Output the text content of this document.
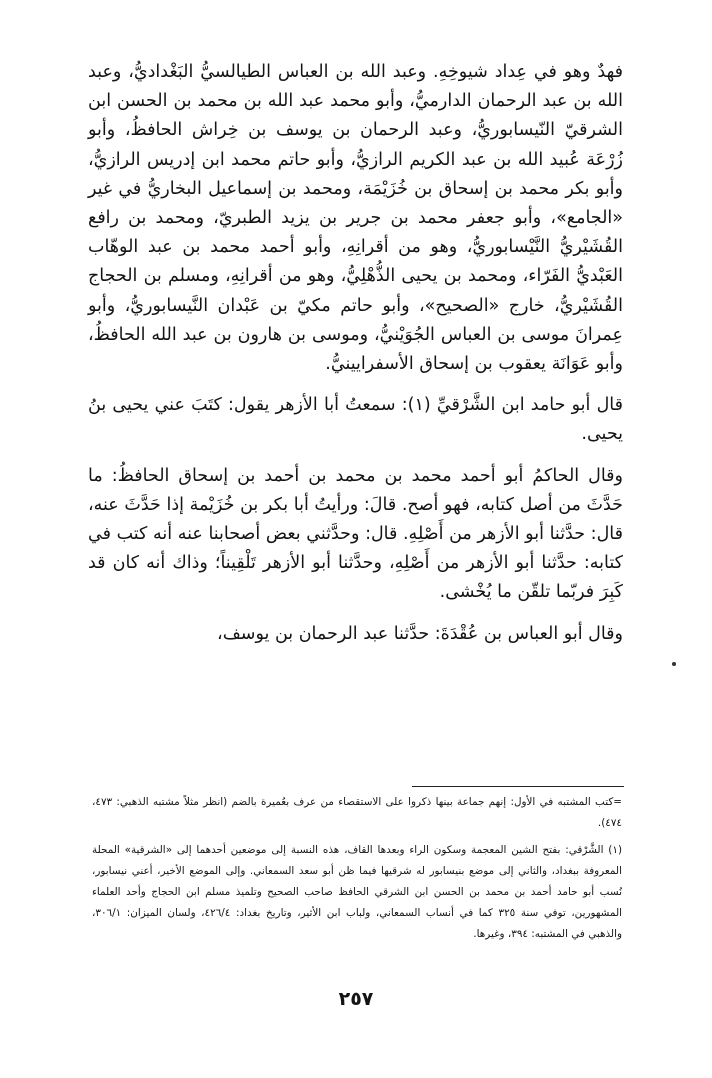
فهدٌ وهو في عِداد شيوخِهِ. وعبد الله بن العباس الطيالسيُّ البَغْداديُّ، وعبد الله بن عبد الرحمان الدارميُّ، وأبو محمد عبد الله بن محمد بن الحسن ابن الشرقيّ النّيسابوريُّ، وعبد الرحمان بن يوسف بن خِراش الحافظُ، وأبو زُرْعَة عُبيد الله بن عبد الكريم الرازيُّ، وأبو حاتم محمد ابن إدريس الرازيُّ، وأبو بكر محمد بن إسحاق بن خُزَيْمَة، ومحمد بن إسماعيل البخاريُّ في غير «الجامع»، وأبو جعفر محمد بن جرير بن يزيد الطبريّ، ومحمد بن رافع القُشَيْريُّ النَّيْسابوريُّ، وهو من أقرانِهِ، وأبو أحمد محمد بن عبد الوهّاب العَبْديُّ الفَرّاء، ومحمد بن يحيى الذُّهْلِيُّ، وهو من أقرانِهِ، ومسلم بن الحجاج القُشَيْريُّ، خارج «الصحيح»، وأبو حاتم مكيّ بن عَبْدان النَّيسابوريُّ، وأبو عِمرانَ موسى بن العباس الجُوَيْنيُّ، وموسى بن هارون بن عبد الله الحافظُ، وأبو عَوَانَة يعقوب بن إسحاق الأسفرايينيُّ.

قال أبو حامد ابن الشَّرْقيِّ (١): سمعتُ أبا الأزهر يقول: كتَبَ عني يحيى بنُ يحيى.

وقال الحاكمُ أبو أحمد محمد بن محمد بن أحمد بن إسحاق الحافظُ: ما حَدَّثَ من أصل كتابه، فهو أصح. قالَ: ورأيتُ أبا بكر بن خُزَيْمة إذا حَدَّثَ عنه، قال: حدَّثنا أبو الأزهر من أَصْلِهِ. قال: وحدَّثني بعض أصحابنا عنه أنه كتب في كتابه: حدَّثنا أبو الأزهر من أَصْلِهِ، وحدَّثنا أبو الأزهر تَلْقِيناً؛ وذاك أنه كان قد كَبِرَ فربّما تلقّن ما يُخْشى.

وقال أبو العباس بن عُقْدَةَ: حدَّثنا عبد الرحمان بن يوسف،

=كتب المشتبه في الأول: إنهم جماعة بينها ذكروا على الاستقصاء من عرف بعُميرة بالضم (انظر مثلاً مشتبه الذهبي: ٤٧٣، ٤٧٤).

(١) الشَّرْقي: بفتح الشين المعجمة وسكون الراء وبعدها القاف، هذه النسبة إلى موضعين أحدهما إلى «الشرقية» المحلة المعروفة ببغداد، والثاني إلى موضع بنيسابور له شرقيها فيما ظن أبو سعد السمعاني. وإلى الموضع الأخير، أعني نيسابور، نُسب أبو حامد أحمد بن محمد بن الحسن ابن الشرقي الحافظ صاحب الصحيح وتلميذ مسلم ابن الحجاج وأحد العلماء المشهورين، توفي سنة ٣٢٥ كما في أنساب السمعاني، ولباب ابن الأثير، وتاريخ بغداد: ٤٢٦/٤، ولسان الميزان: ٣٠٦/١، والذهبي في المشتبه: ٣٩٤، وغيرها.

٢٥٧
